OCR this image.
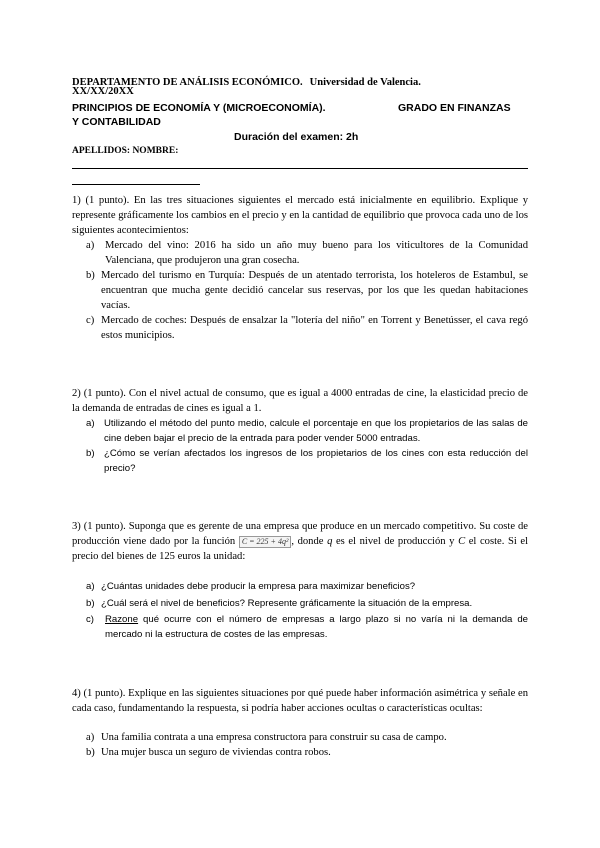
DEPARTAMENTO DE ANÁLISIS ECONÓMICO. Universidad de Valencia.
XX/XX/20XX
PRINCIPIOS DE ECONOMÍA Y (MICROECONOMÍA).	GRADO EN FINANZAS
Y CONTABILIDAD
Duración del examen: 2h
APELLIDOS: NOMBRE:
1) (1 punto). En las tres situaciones siguientes el mercado está inicialmente en equilibrio. Explique y represente gráficamente los cambios en el precio y en la cantidad de equilibrio que provoca cada uno de los siguientes acontecimientos:
a) Mercado del vino: 2016 ha sido un año muy bueno para los viticultores de la Comunidad Valenciana, que produjeron una gran cosecha.
b) Mercado del turismo en Turquía: Después de un atentado terrorista, los hoteleros de Estambul, se encuentran que mucha gente decidió cancelar sus reservas, por los que les quedan habitaciones vacías.
c) Mercado de coches: Después de ensalzar la "lotería del niño" en Torrent y Benetússer, el cava regó estos municipios.
2) (1 punto). Con el nivel actual de consumo, que es igual a 4000 entradas de cine, la elasticidad precio de la demanda de entradas de cines es igual a 1.
a) Utilizando el método del punto medio, calcule el porcentaje en que los propietarios de las salas de cine deben bajar el precio de la entrada para poder vender 5000 entradas.
b) ¿Cómo se verían afectados los ingresos de los propietarios de los cines con esta reducción del precio?
3) (1 punto). Suponga que es gerente de una empresa que produce en un mercado competitivo. Su coste de producción viene dado por la función C = 225 + 4q² , donde q es el nivel de producción y C el coste. Si el precio del bienes de 125 euros la unidad:
a) ¿Cuántas unidades debe producir la empresa para maximizar beneficios?
b) ¿Cuál será el nivel de beneficios? Represente gráficamente la situación de la empresa.
c) Razone qué ocurre con el número de empresas a largo plazo si no varía ni la demanda de mercado ni la estructura de costes de las empresas.
4) (1 punto). Explique en las siguientes situaciones por qué puede haber información asimétrica y señale en cada caso, fundamentando la respuesta, si podría haber acciones ocultas o características ocultas:
a) Una familia contrata a una empresa constructora para construir su casa de campo.
b) Una mujer busca un seguro de viviendas contra robos.
